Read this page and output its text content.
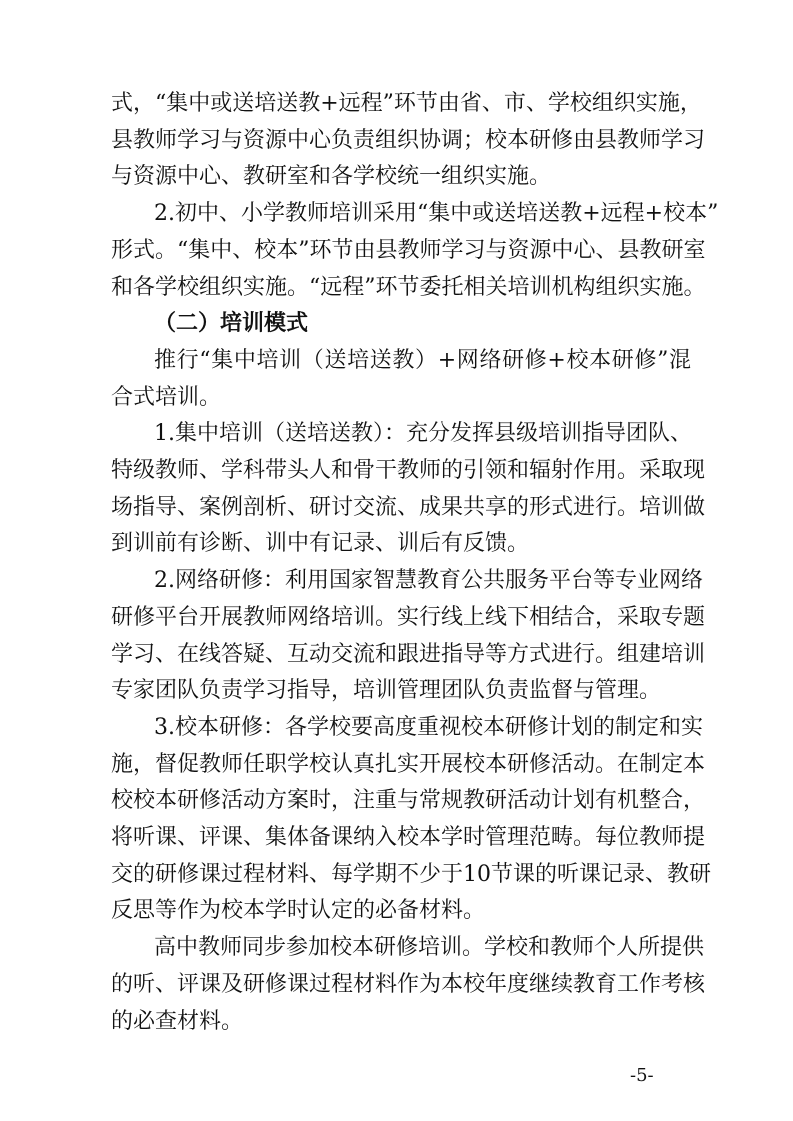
式，“集中或送培送教+远程”环节由省、市、学校组织实施，
县教师学习与资源中心负责组织协调；校本研修由县教师学习
与资源中心、教研室和各学校统一组织实施。
2.初中、小学教师培训采用“集中或送培送教+远程+校本”
形式。“集中、校本”环节由县教师学习与资源中心、县教研室
和各学校组织实施。“远程”环节委托相关培训机构组织实施。
（二）培训模式
推行“集中培训（送培送教）+网络研修+校本研修”混
合式培训。
1.集中培训（送培送教）：充分发挥县级培训指导团队、
特级教师、学科带头人和骨干教师的引领和辐射作用。采取现
场指导、案例剖析、研讨交流、成果共享的形式进行。培训做
到训前有诊断、训中有记录、训后有反馈。
2.网络研修：利用国家智慧教育公共服务平台等专业网络
研修平台开展教师网络培训。实行线上线下相结合，采取专题
学习、在线答疑、互动交流和跟进指导等方式进行。组建培训
专家团队负责学习指导，培训管理团队负责监督与管理。
3.校本研修：各学校要高度重视校本研修计划的制定和实
施，督促教师任职学校认真扎实开展校本研修活动。在制定本
校校本研修活动方案时，注重与常规教研活动计划有机整合，
将听课、评课、集体备课纳入校本学时管理范畴。每位教师提
交的研修课过程材料、每学期不少于10节课的听课记录、教研
反思等作为校本学时认定的必备材料。
高中教师同步参加校本研修培训。学校和教师个人所提供
的听、评课及研修课过程材料作为本校年度继续教育工作考核
的必查材料。
-5-
